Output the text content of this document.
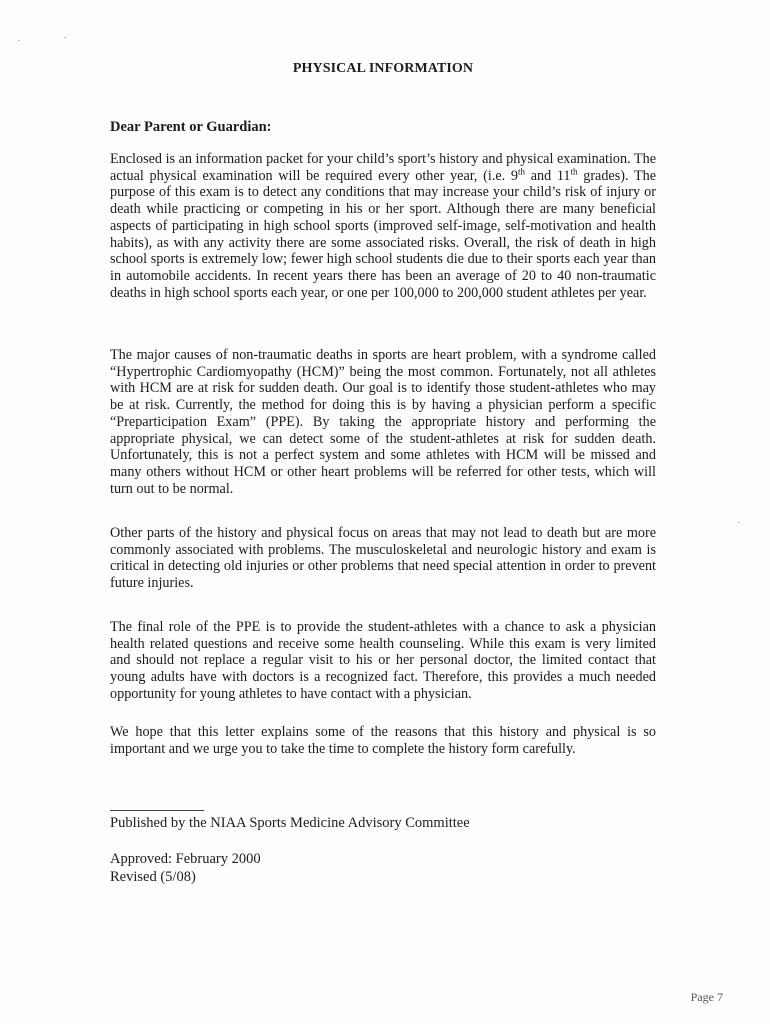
PHYSICAL INFORMATION
Dear Parent or Guardian:
Enclosed is an information packet for your child’s sport’s history and physical examination. The actual physical examination will be required every other year, (i.e. 9th and 11th grades). The purpose of this exam is to detect any conditions that may increase your child’s risk of injury or death while practicing or competing in his or her sport. Although there are many beneficial aspects of participating in high school sports (improved self-image, self-motivation and health habits), as with any activity there are some associated risks. Overall, the risk of death in high school sports is extremely low; fewer high school students die due to their sports each year than in automobile accidents. In recent years there has been an average of 20 to 40 non-traumatic deaths in high school sports each year, or one per 100,000 to 200,000 student athletes per year.
The major causes of non-traumatic deaths in sports are heart problem, with a syndrome called “Hypertrophic Cardiomyopathy (HCM)” being the most common. Fortunately, not all athletes with HCM are at risk for sudden death. Our goal is to identify those student-athletes who may be at risk. Currently, the method for doing this is by having a physician perform a specific “Preparticipation Exam” (PPE). By taking the appropriate history and performing the appropriate physical, we can detect some of the student-athletes at risk for sudden death. Unfortunately, this is not a perfect system and some athletes with HCM will be missed and many others without HCM or other heart problems will be referred for other tests, which will turn out to be normal.
Other parts of the history and physical focus on areas that may not lead to death but are more commonly associated with problems. The musculoskeletal and neurologic history and exam is critical in detecting old injuries or other problems that need special attention in order to prevent future injuries.
The final role of the PPE is to provide the student-athletes with a chance to ask a physician health related questions and receive some health counseling. While this exam is very limited and should not replace a regular visit to his or her personal doctor, the limited contact that young adults have with doctors is a recognized fact. Therefore, this provides a much needed opportunity for young athletes to have contact with a physician.
We hope that this letter explains some of the reasons that this history and physical is so important and we urge you to take the time to complete the history form carefully.
Published by the NIAA Sports Medicine Advisory Committee
Approved: February 2000
Revised (5/08)
Page 7
